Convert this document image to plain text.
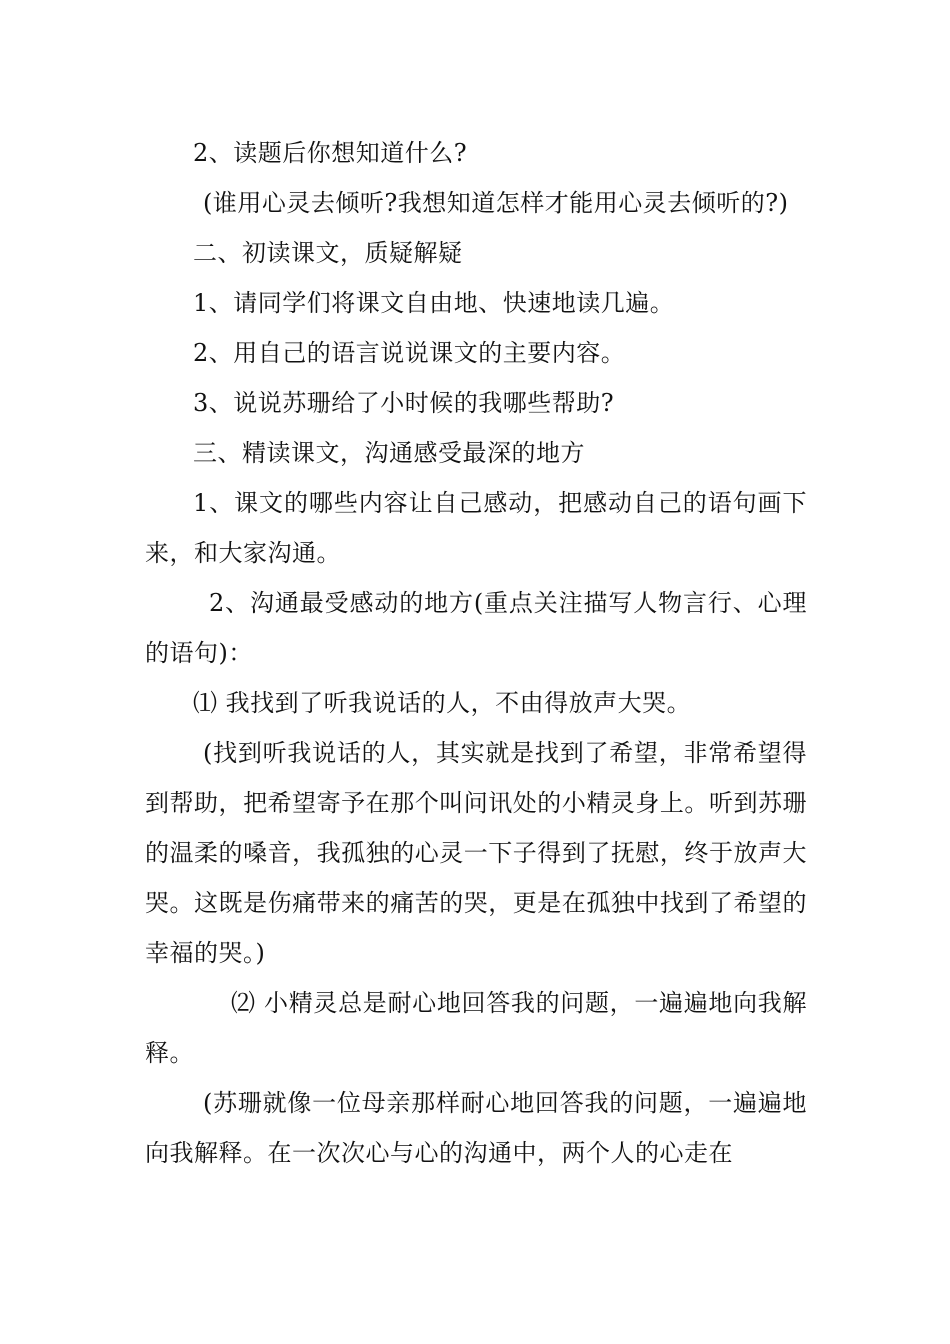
2、读题后你想知道什么?

(谁用心灵去倾听?我想知道怎样才能用心灵去倾听的?)

二、初读课文，质疑解疑

1、请同学们将课文自由地、快速地读几遍。

2、用自己的语言说说课文的主要内容。

3、说说苏珊给了小时候的我哪些帮助?

三、精读课文，沟通感受最深的地方

1、课文的哪些内容让自己感动，把感动自己的语句画下来，和大家沟通。

2、沟通最受感动的地方(重点关注描写人物言行、心理的语句)：

⑴ 我找到了听我说话的人，不由得放声大哭。

(找到听我说话的人，其实就是找到了希望，非常希望得到帮助，把希望寄予在那个叫问讯处的小精灵身上。听到苏珊的温柔的嗓音，我孤独的心灵一下子得到了抚慰，终于放声大哭。这既是伤痛带来的痛苦的哭，更是在孤独中找到了希望的幸福的哭。)

⑵ 小精灵总是耐心地回答我的问题，一遍遍地向我解释。

(苏珊就像一位母亲那样耐心地回答我的问题，一遍遍地向我解释。在一次次心与心的沟通中，两个人的心走在
